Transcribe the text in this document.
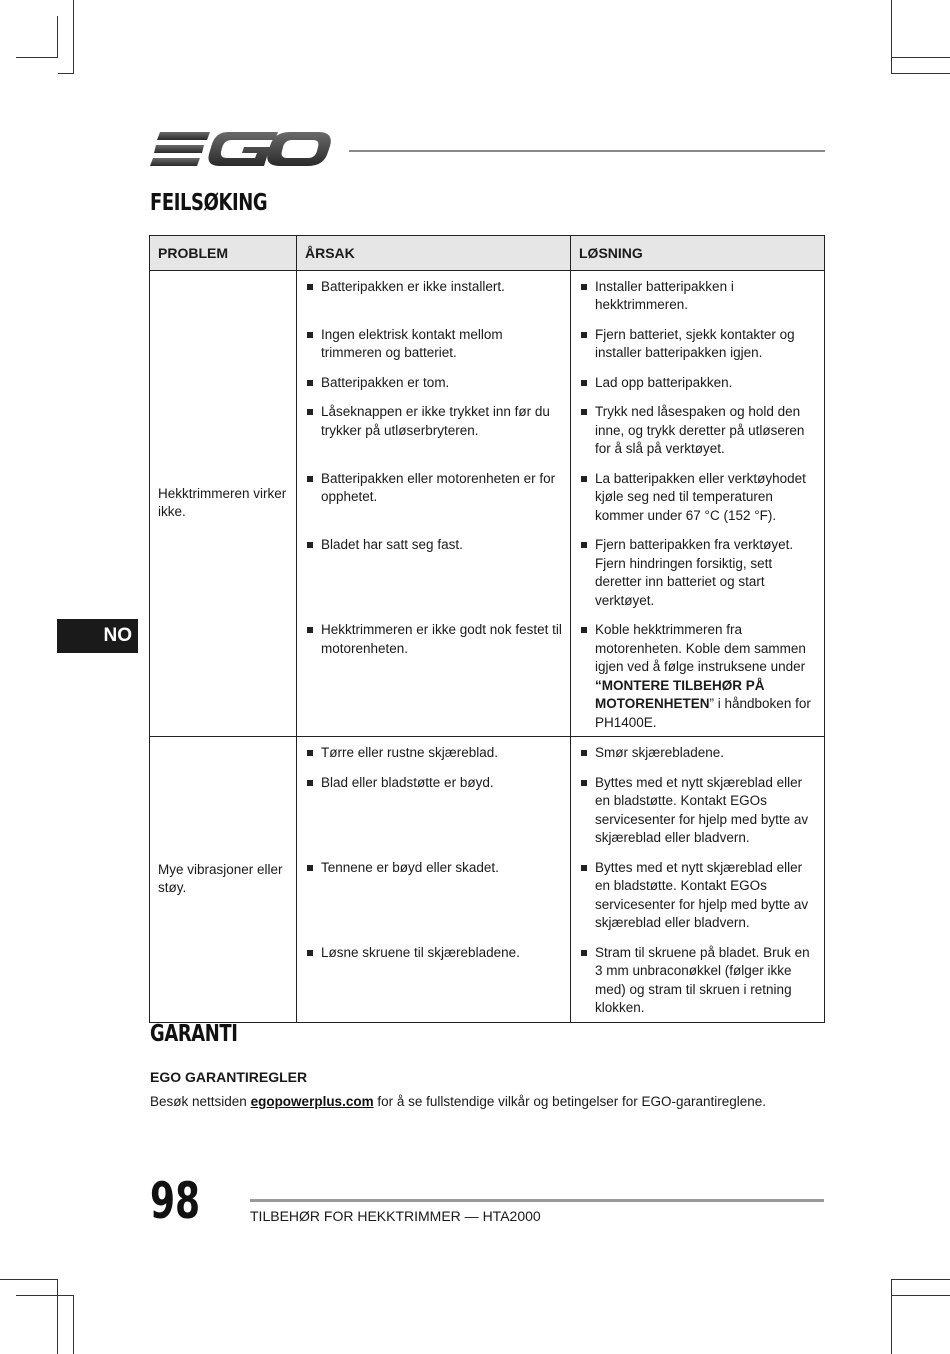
FEILSØKING
PROBLEM	ÅRSAK	LØSNING
Hekktrimmeren virker ikke.	Batteripakken er ikke installert.	Installer batteripakken i hekktrimmeren.

	Ingen elektrisk kontakt mellom trimmeren og batteriet.	Fjern batteriet, sjekk kontakter og installer batteripakken igjen.

	Batteripakken er tom.	Lad opp batteripakken.

	Låseknappen er ikke trykket inn før du trykker på utløserbryteren.	Trykk ned låsespaken og hold den inne, og trykk deretter på utløseren for å slå på verktøyet.

	Batteripakken eller motorenheten er for opphetet.	La batteripakken eller verktøyhodet kjøle seg ned til temperaturen kommer under 67 °C (152 °F).

	Bladet har satt seg fast.	Fjern batteripakken fra verktøyet. Fjern hindringen forsiktig, sett deretter inn batteriet og start verktøyet.

	Hekktrimmeren er ikke godt nok festet til motorenheten.	Koble hekktrimmeren fra motorenheten. Koble dem sammen igjen ved å følge instruksene under “MONTERE TILBEHØR PÅ MOTORENHETEN” i håndboken for PH1400E.

Mye vibrasjoner eller støy.	Tørre eller rustne skjæreblad.	Smør skjærebladene.

	Blad eller bladstøtte er bøyd.	Byttes med et nytt skjæreblad eller en bladstøtte. Kontakt EGOs servicesenter for hjelp med bytte av skjæreblad eller bladvern.

	Tennene er bøyd eller skadet.	Byttes med et nytt skjæreblad eller en bladstøtte. Kontakt EGOs servicesenter for hjelp med bytte av skjæreblad eller bladvern.

	Løsne skruene til skjærebladene.	Stram til skruene på bladet. Bruk en 3 mm unbraconøkkel (følger ikke med) og stram til skruen i retning klokken.
GARANTI
EGO GARANTIREGLER
Besøk nettsiden egopowerplus.com for å se fullstendige vilkår og betingelser for EGO-garantireglene.
NO
98	TILBEHØR FOR HEKKTRIMMER — HTA2000
